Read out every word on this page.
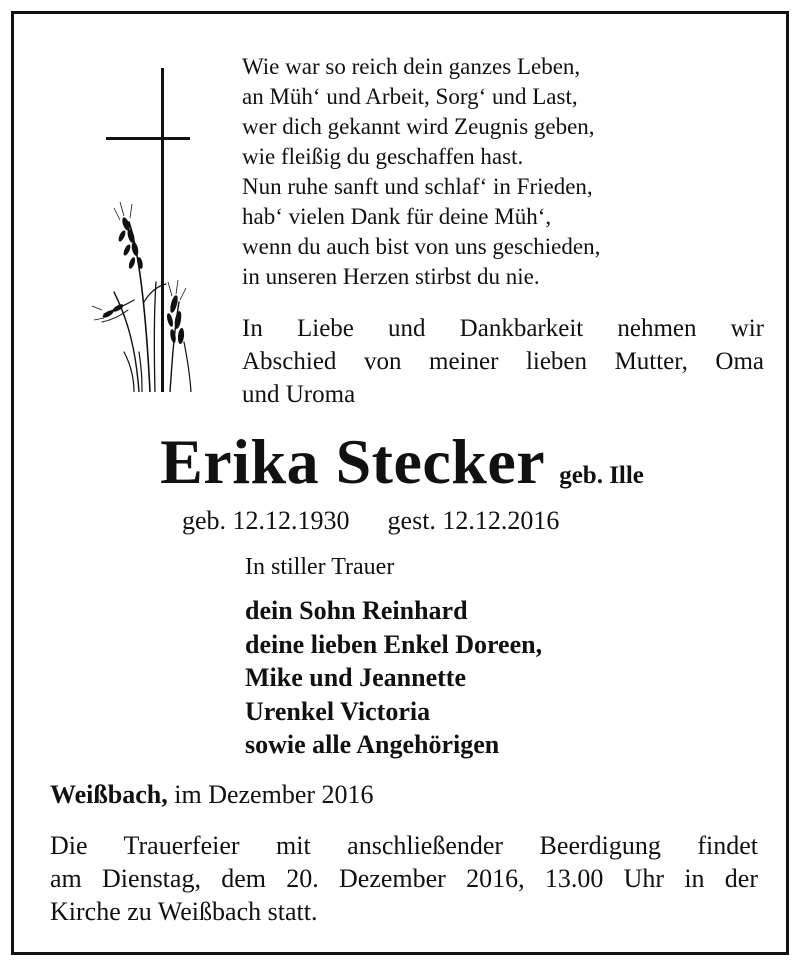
Wie war so reich dein ganzes Leben,
an Müh‘ und Arbeit, Sorg‘ und Last,
wer dich gekannt wird Zeugnis geben,
wie fleißig du geschaffen hast.
Nun ruhe sanft und schlaf‘ in Frieden,
hab‘ vielen Dank für deine Müh‘,
wenn du auch bist von uns geschieden,
in unseren Herzen stirbst du nie.
In Liebe und Dankbarkeit nehmen wir
Abschied von meiner lieben Mutter, Oma
und Uroma
Erika Stecker geb. Ille
geb. 12.12.1930 gest. 12.12.2016
In stiller Trauer
dein Sohn Reinhard
deine lieben Enkel Doreen,
Mike und Jeannette
Urenkel Victoria
sowie alle Angehörigen
Weißbach, im Dezember 2016
Die Trauerfeier mit anschließender Beerdigung findet
am Dienstag, dem 20. Dezember 2016, 13.00 Uhr in der
Kirche zu Weißbach statt.
